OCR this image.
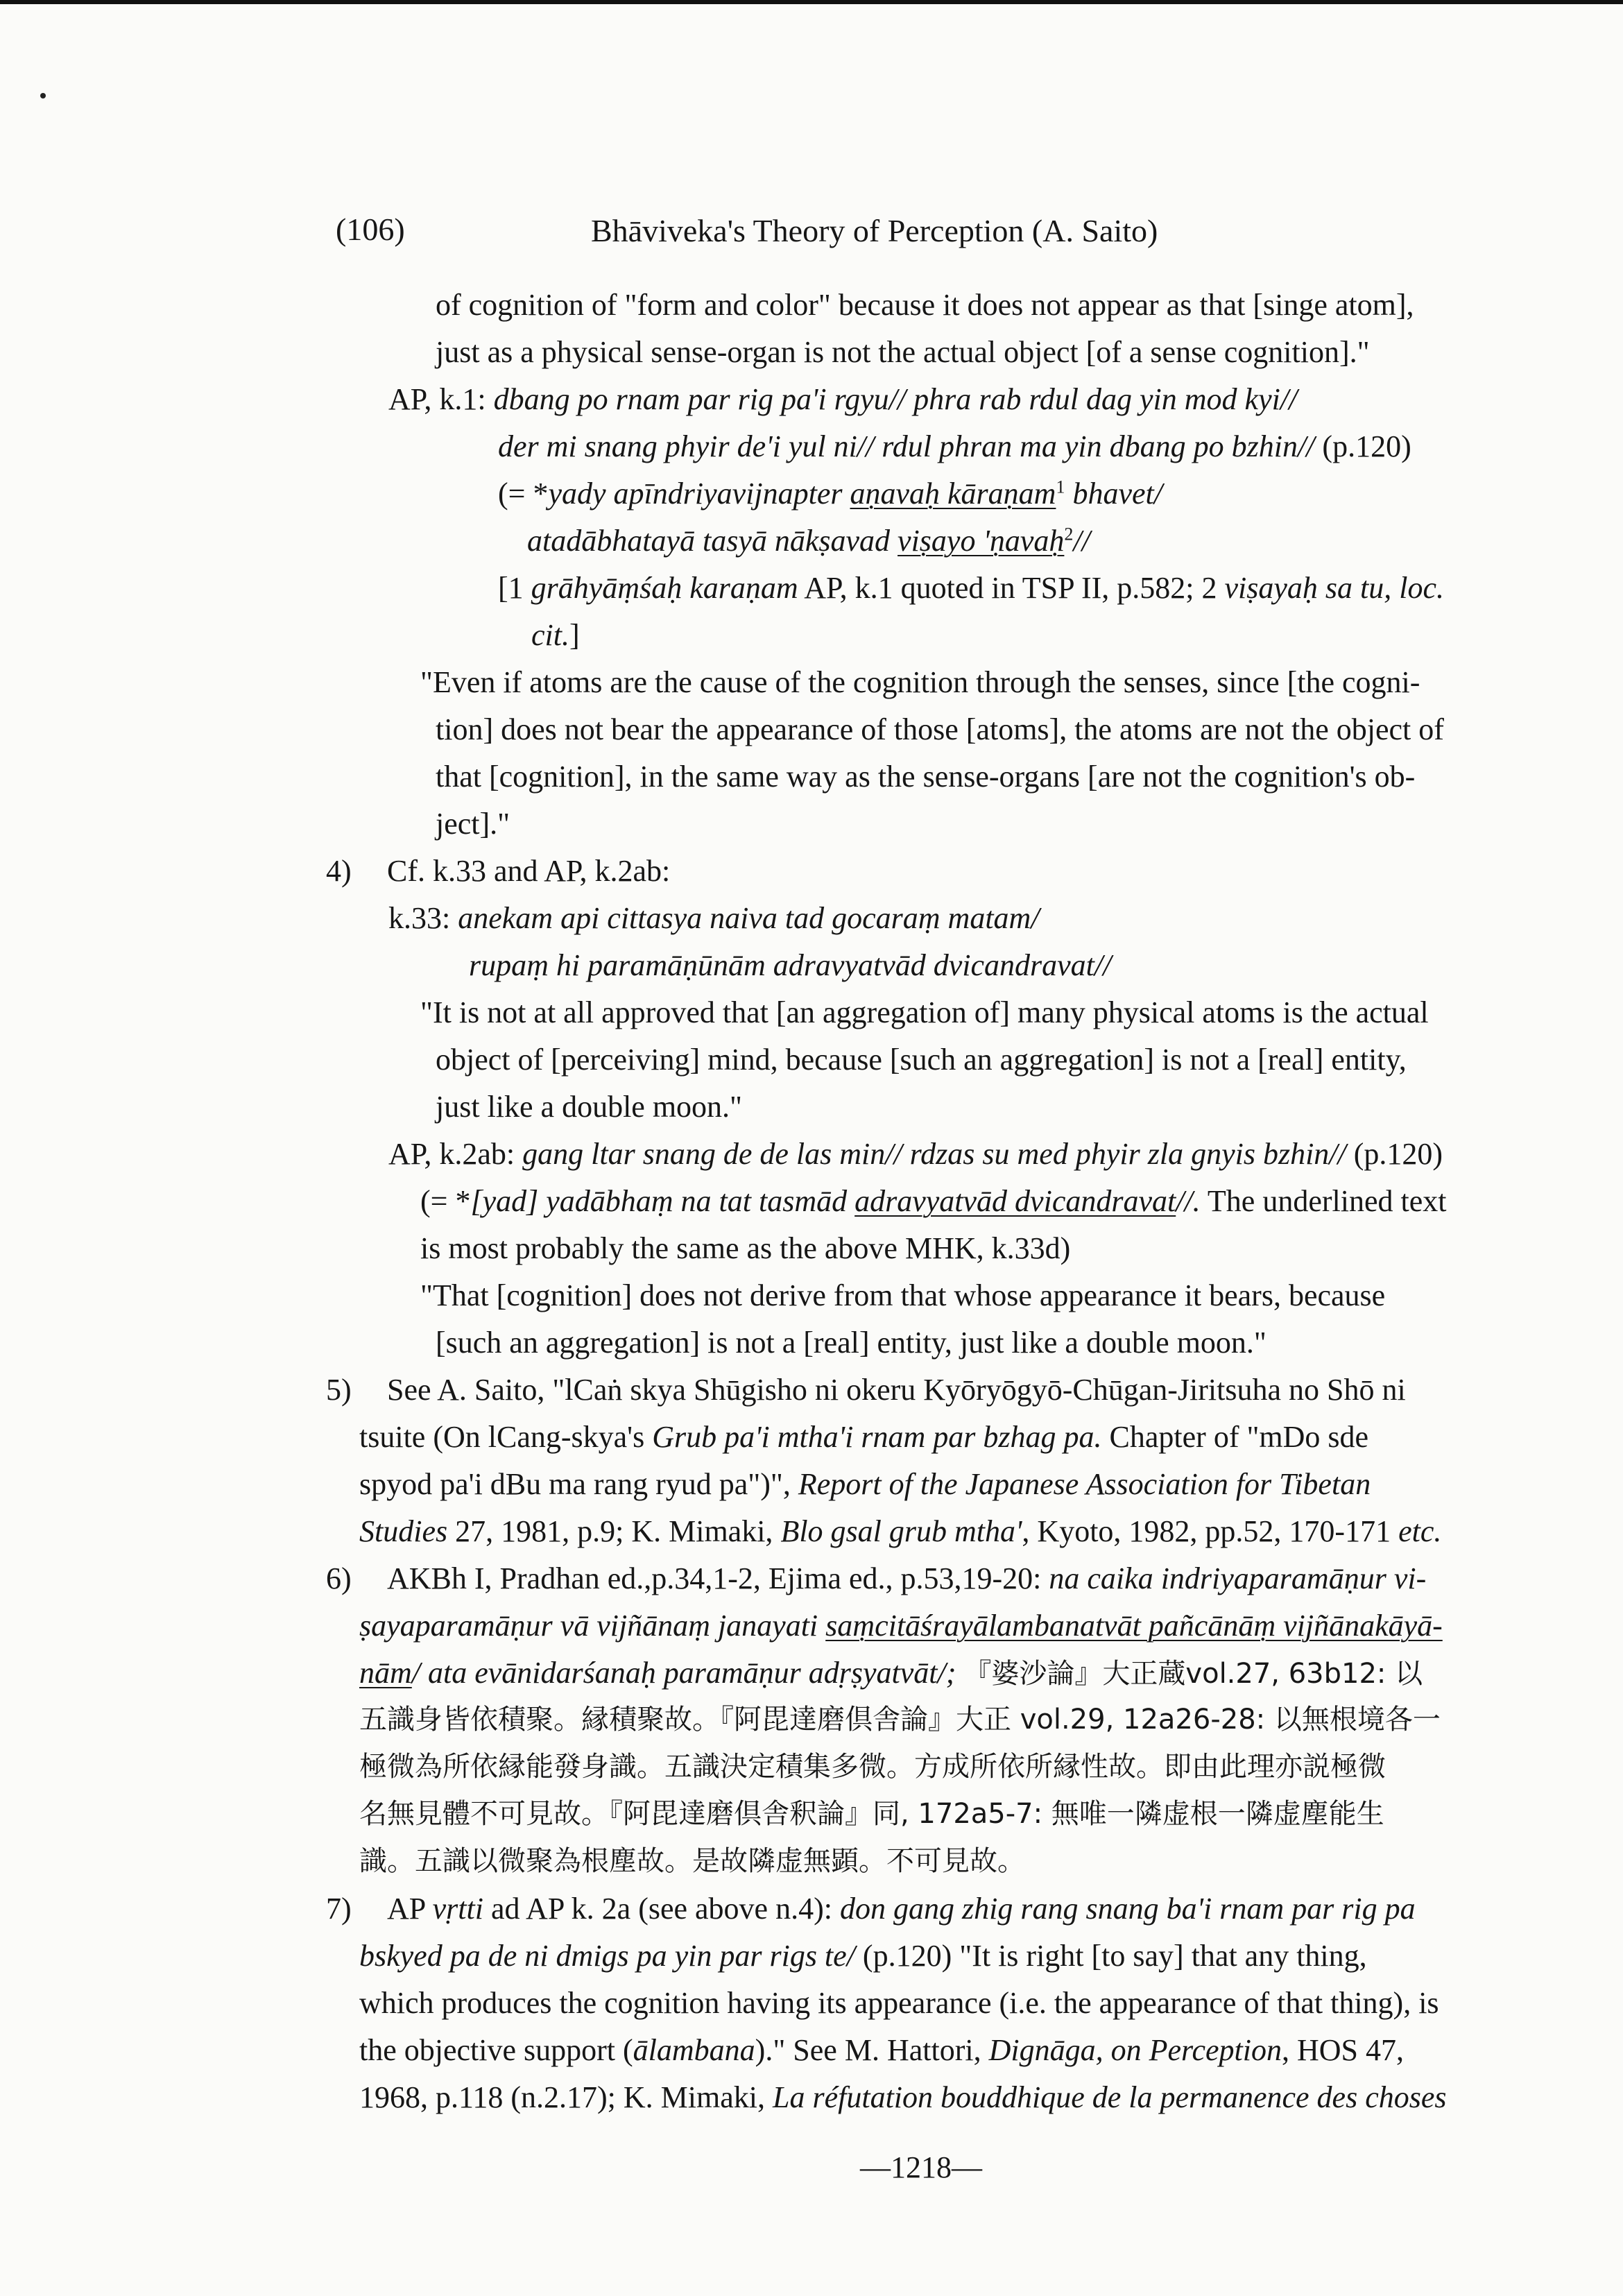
(106)	Bhāviveka's Theory of Perception (A. Saito)
of cognition of "form and color" because it does not appear as that [singe atom],
just as a physical sense-organ is not the actual object [of a sense cognition]."
AP, k.1: dbang po rnam par rig pa'i rgyu// phra rab rdul dag yin mod kyi//
der mi snang phyir de'i yul ni// rdul phran ma yin dbang po bzhin// (p.120)
(= *yady apīndriyavijnapter aṇavaḥ kāraṇam$^1$ bhavet/
atadābhatayā tasyā nākṣavad viṣayo 'ṇavaḥ$^2$//
[1 grāhyāṃśaḥ karaṇam AP, k.1 quoted in TSP II, p.582; 2 viṣayaḥ sa tu, loc.
cit.]
"Even if atoms are the cause of the cognition through the senses, since [the cogni-
tion] does not bear the appearance of those [atoms], the atoms are not the object of
that [cognition], in the same way as the sense-organs [are not the cognition's ob-
ject]."
4) Cf. k.33 and AP, k.2ab:
k.33: anekam api cittasya naiva tad gocaraṃ matam/
rupaṃ hi paramāṇūnām adravyatvād dvicandravat//
"It is not at all approved that [an aggregation of] many physical atoms is the actual
object of [perceiving] mind, because [such an aggregation] is not a [real] entity,
just like a double moon."
AP, k.2ab: gang ltar snang de de las min// rdzas su med phyir zla gnyis bzhin// (p.120)
(= *[yad] yadābhaṃ na tat tasmād adravyatvād dvicandravat//. The underlined text
is most probably the same as the above MHK, k.33d)
"That [cognition] does not derive from that whose appearance it bears, because
[such an aggregation] is not a [real] entity, just like a double moon."
5) See A. Saito, "lCaṅ skya Shūgisho ni okeru Kyōryōgyō-Chūgan-Jiritsuha no Shō ni
tsuite (On lCang-skya's Grub pa'i mtha'i rnam par bzhag pa. Chapter of "mDo sde
spyod pa'i dBu ma rang ryud pa")", Report of the Japanese Association for Tibetan
Studies 27, 1981, p.9; K. Mimaki, Blo gsal grub mtha', Kyoto, 1982, pp.52, 170-171 etc.
6) AKBh I, Pradhan ed.,p.34,1-2, Ejima ed., p.53,19-20: na caika indriyaparamāṇur vi-
ṣayaparamāṇur vā vijñānaṃ janayati saṃcitāśrayālambanatvāt pañcānāṃ vijñānakāyā-
nām/ ata evānidarśanaḥ paramāṇur adṛṣyatvāt/; 『婆沙論』大正蔵vol.27, 63b12: 以
五識身皆依積聚。縁積聚故。『阿毘達磨倶舎論』大正 vol.29, 12a26-28: 以無根境各一
極微為所依縁能發身識。五識決定積集多微。方成所依所縁性故。即由此理亦説極微
名無見體不可見故。『阿毘達磨倶舎釈論』同, 172a5-7: 無唯一隣虚根一隣虚塵能生
識。五識以微聚為根塵故。是故隣虚無顕。不可見故。
7) AP vṛtti ad AP k. 2a (see above n.4): don gang zhig rang snang ba'i rnam par rig pa
bskyed pa de ni dmigs pa yin par rigs te/ (p.120) "It is right [to say] that any thing,
which produces the cognition having its appearance (i.e. the appearance of that thing), is
the objective support (ālambana)." See M. Hattori, Dignāga, on Perception, HOS 47,
1968, p.118 (n.2.17); K. Mimaki, La réfutation bouddhique de la permanence des choses
—1218—
